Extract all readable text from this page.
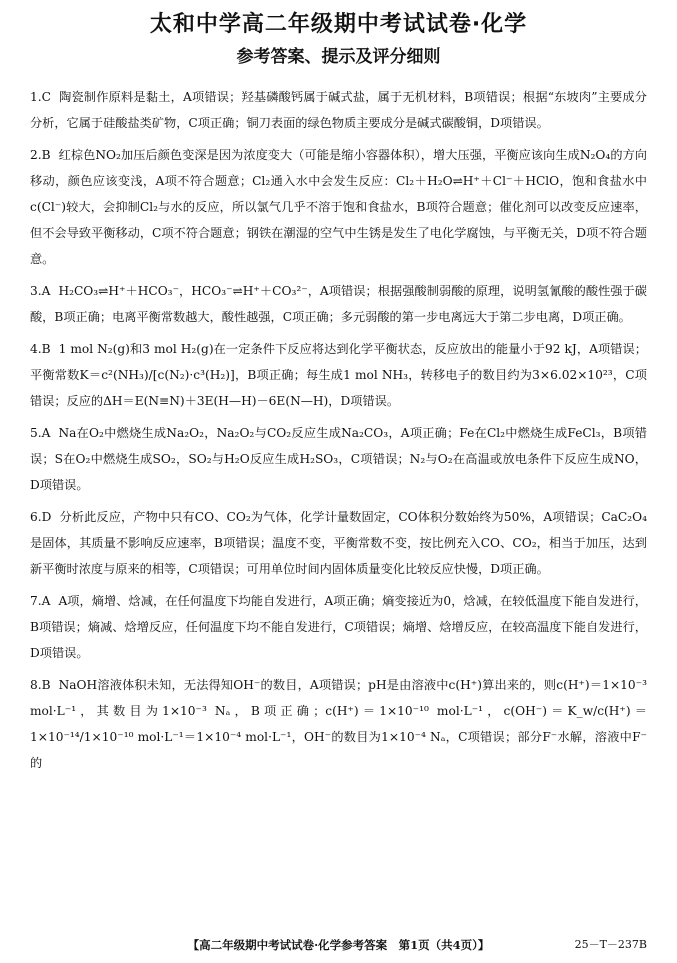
太和中学高二年级期中考试试卷·化学
参考答案、提示及评分细则

1.C 陶瓷制作原料是黏土，A项错误；羟基磷酸钙属于碱式盐，属于无机材料，B项错误；根据“东坡肉”主要成分分析，它属于硅酸盐类矿物，C项正确；铜刀表面的绿色物质主要成分是碱式碳酸铜，D项错误。

2.B 红棕色NO₂加压后颜色变深是因为浓度变大（可能是缩小容器体积），增大压强，平衡应该向生成N₂O₄的方向移动，颜色应该变浅，A项不符合题意；Cl₂通入水中会发生反应：Cl₂＋H₂O⇌H⁺＋Cl⁻＋HClO，饱和食盐水中c(Cl⁻)较大，会抑制Cl₂与水的反应，所以氯气几乎不溶于饱和食盐水，B项符合题意；催化剂可以改变反应速率，但不会导致平衡移动，C项不符合题意；钢铁在潮湿的空气中生锈是发生了电化学腐蚀，与平衡无关，D项不符合题意。

3.A H₂CO₃⇌H⁺＋HCO₃⁻，HCO₃⁻⇌H⁺＋CO₃²⁻，A项错误；根据强酸制弱酸的原理，说明氢氰酸的酸性强于碳酸，B项正确；电离平衡常数越大，酸性越强，C项正确；多元弱酸的第一步电离远大于第二步电离，D项正确。

4.B 1 mol N₂(g)和3 mol H₂(g)在一定条件下反应将达到化学平衡状态，反应放出的能量小于92 kJ，A项错误；平衡常数K＝c²(NH₃)/[c(N₂)·c³(H₂)]，B项正确；每生成1 mol NH₃，转移电子的数目约为3×6.02×10²³，C项错误；反应的ΔH＝E(N≡N)＋3E(H—H)－6E(N—H)，D项错误。

5.A Na在O₂中燃烧生成Na₂O₂，Na₂O₂与CO₂反应生成Na₂CO₃，A项正确；Fe在Cl₂中燃烧生成FeCl₃，B项错误；S在O₂中燃烧生成SO₂，SO₂与H₂O反应生成H₂SO₃，C项错误；N₂与O₂在高温或放电条件下反应生成NO，D项错误。

6.D 分析此反应，产物中只有CO、CO₂为气体，化学计量数固定，CO体积分数始终为50%，A项错误；CaC₂O₄是固体，其质量不影响反应速率，B项错误；温度不变，平衡常数不变，按比例充入CO、CO₂，相当于加压，达到新平衡时浓度与原来的相等，C项错误；可用单位时间内固体质量变化比较反应快慢，D项正确。

7.A A项，熵增、焓减，在任何温度下均能自发进行，A项正确；熵变接近为0，焓减，在较低温度下能自发进行，B项错误；熵减、焓增反应，任何温度下均不能自发进行，C项错误；熵增、焓增反应，在较高温度下能自发进行，D项错误。

8.B NaOH溶液体积未知，无法得知OH⁻的数目，A项错误；pH是由溶液中c(H⁺)算出来的，则c(H⁺)＝1×10⁻³ mol·L⁻¹，其数目为1×10⁻³ Nₐ，B项正确；c(H⁺)＝1×10⁻¹⁰ mol·L⁻¹，c(OH⁻)＝K_w/c(H⁺)＝1×10⁻¹⁴/1×10⁻¹⁰ mol·L⁻¹＝1×10⁻⁴ mol·L⁻¹，OH⁻的数目为1×10⁻⁴ Nₐ，C项错误；部分F⁻水解，溶液中F⁻的

【高二年级期中考试试卷·化学参考答案　第1页（共4页）】	25－T－237B
